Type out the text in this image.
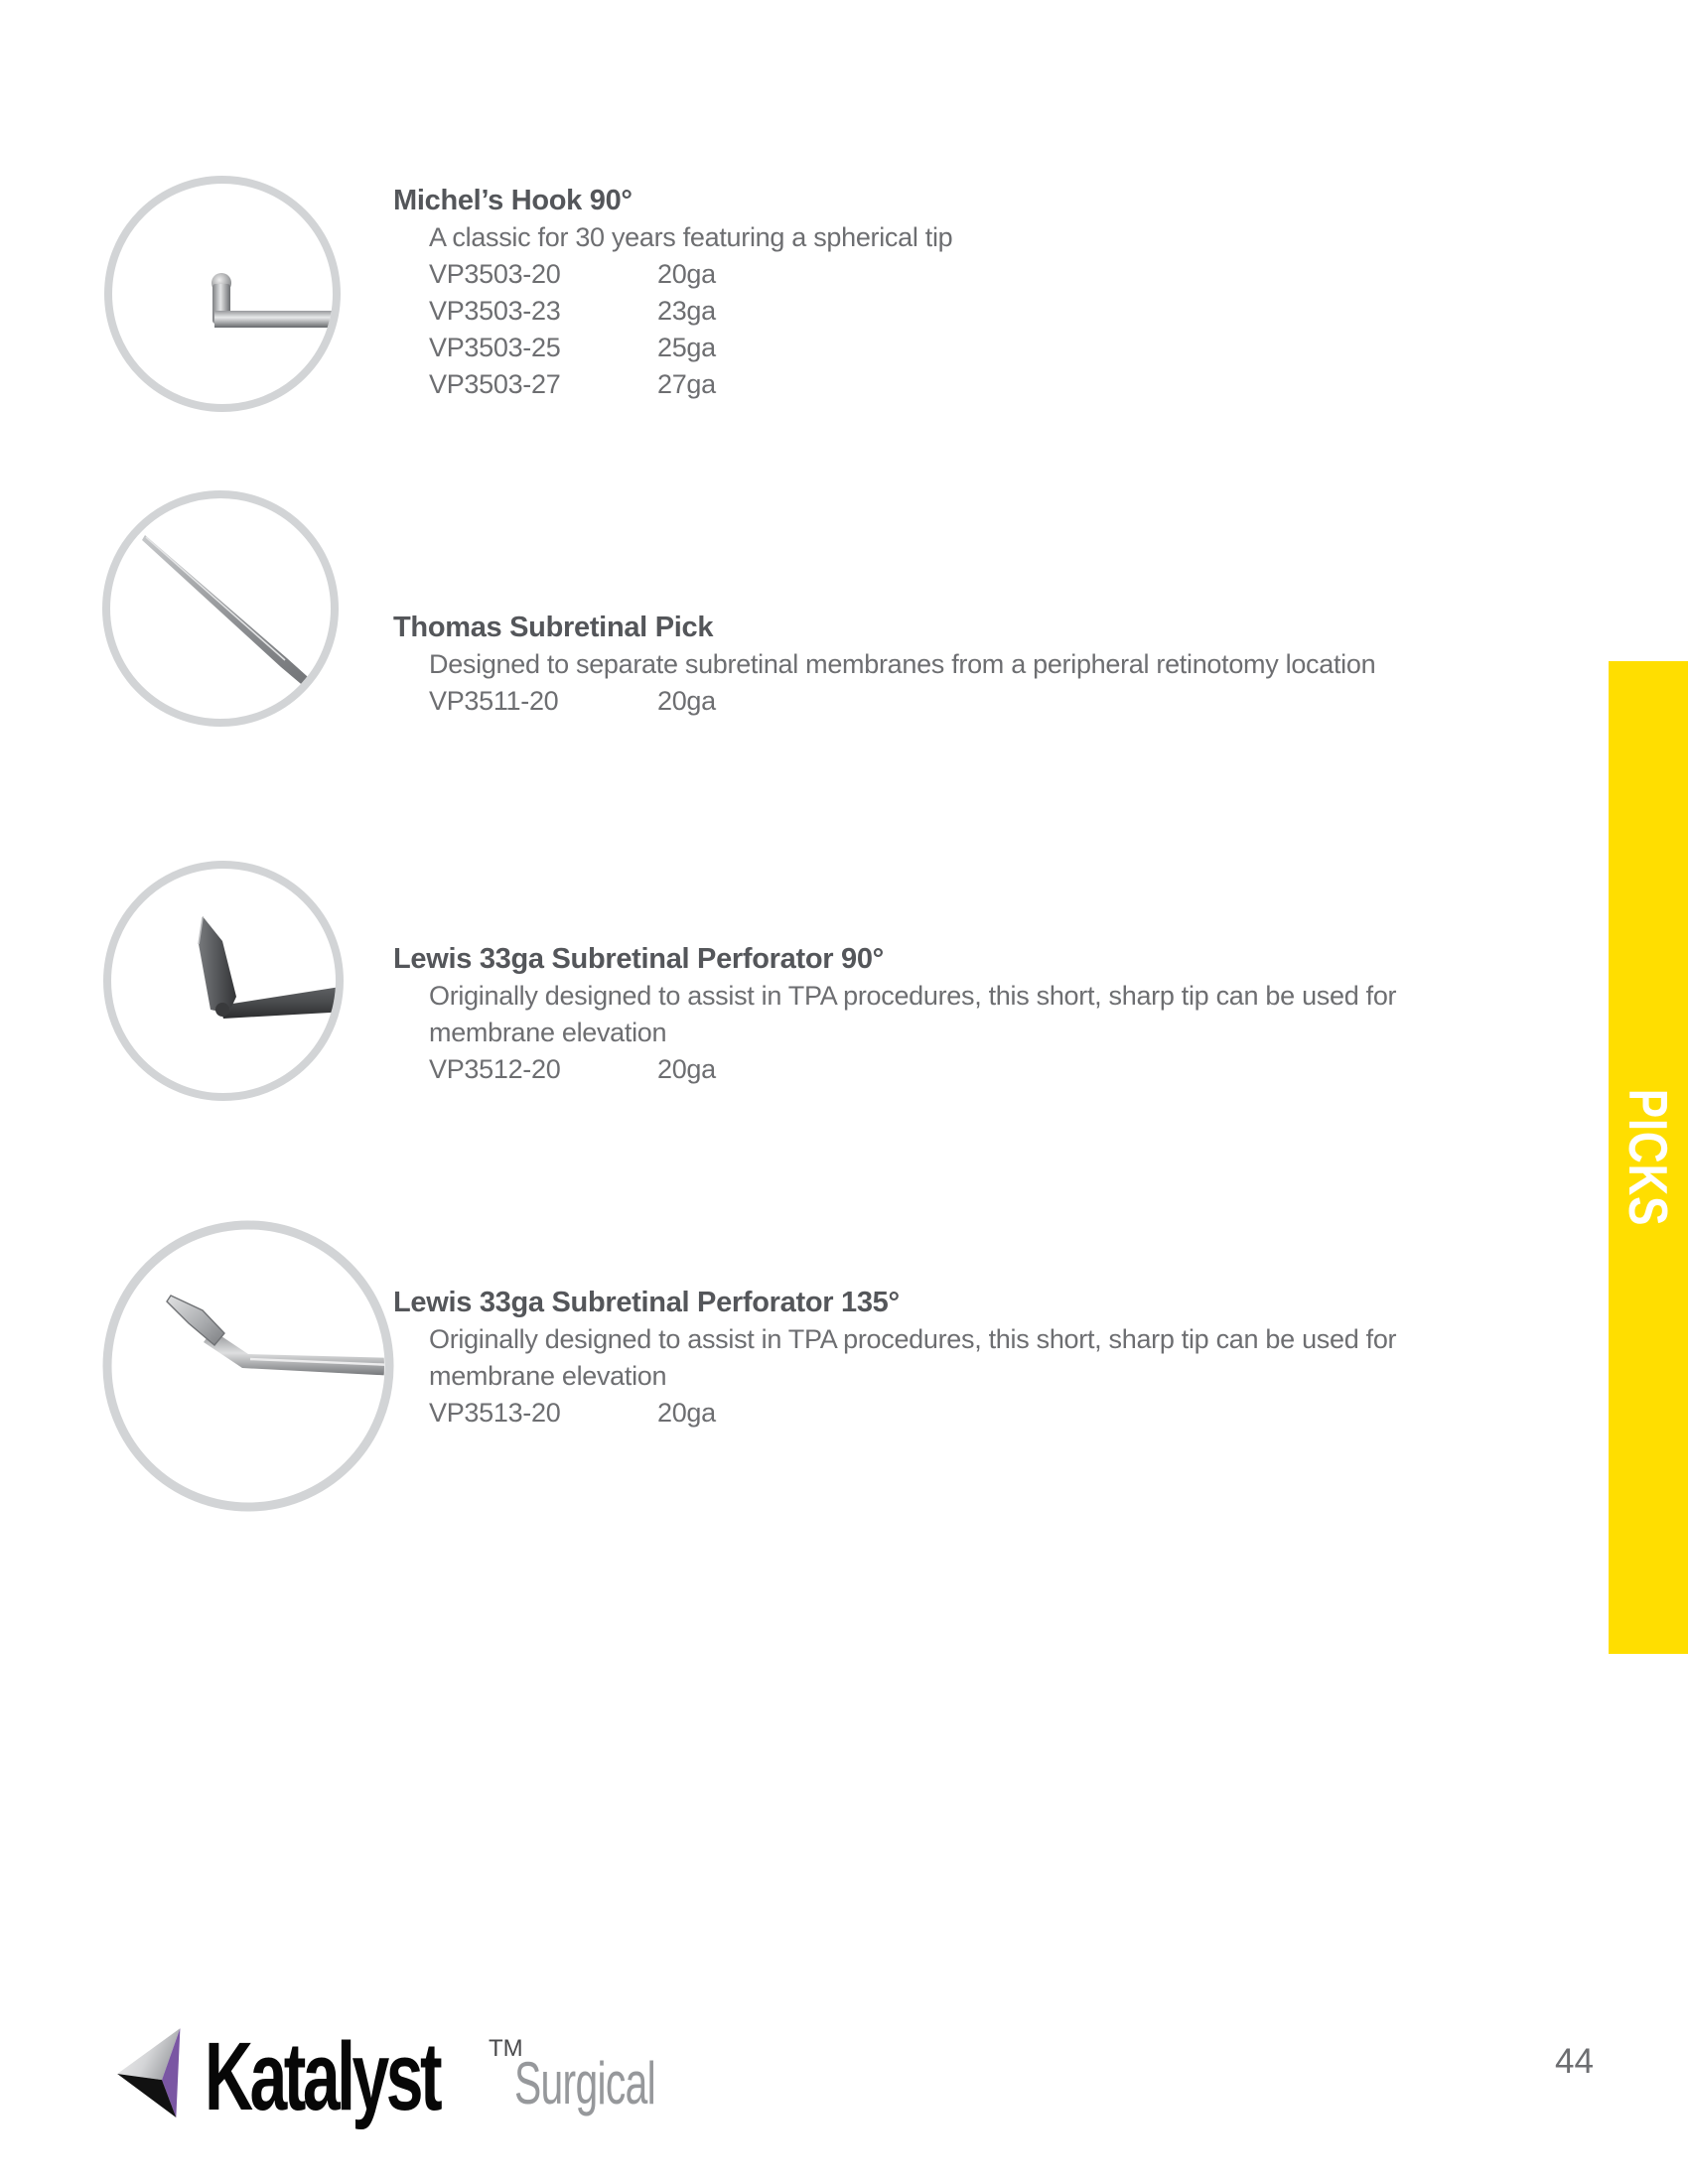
Michel’s Hook 90°

A classic for 30 years featuring a spherical tip

VP3503-20	20ga

VP3503-23	23ga

VP3503-25	25ga

VP3503-27	27ga

Thomas Subretinal Pick

Designed to separate subretinal membranes from a peripheral retinotomy location

VP3511-20	20ga

Lewis 33ga Subretinal Perforator 90°

Originally designed to assist in TPA procedures, this short, sharp tip can be used for

membrane elevation

VP3512-20	20ga

Lewis 33ga Subretinal Perforator 135°

Originally designed to assist in TPA procedures, this short, sharp tip can be used for

membrane elevation

VP3513-20	20ga

PICKS

Katalyst TM

Surgical	44
